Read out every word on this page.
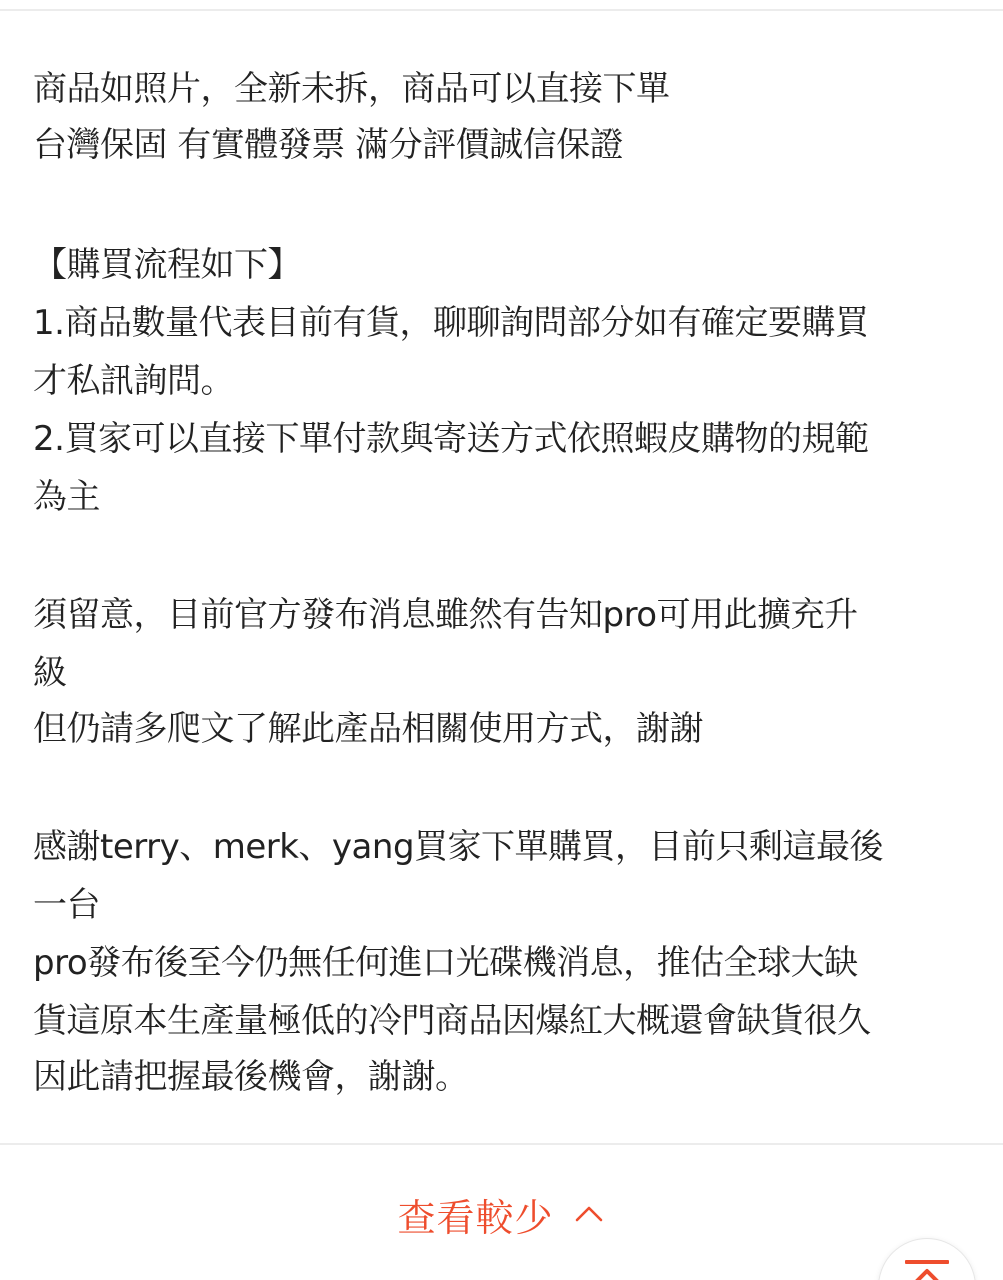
商品如照片，全新未拆，商品可以直接下單
台灣保固 有實體發票 滿分評價誠信保證

【購買流程如下】
1.商品數量代表目前有貨，聊聊詢問部分如有確定要購買
才私訊詢問。
2.買家可以直接下單付款與寄送方式依照蝦皮購物的規範
為主

須留意，目前官方發布消息雖然有告知pro可用此擴充升
級
但仍請多爬文了解此產品相關使用方式，謝謝

感謝terry、merk、yang買家下單購買，目前只剩這最後
一台
pro發布後至今仍無任何進口光碟機消息，推估全球大缺
貨這原本生產量極低的冷門商品因爆紅大概還會缺貨很久
因此請把握最後機會，謝謝。

查看較少
